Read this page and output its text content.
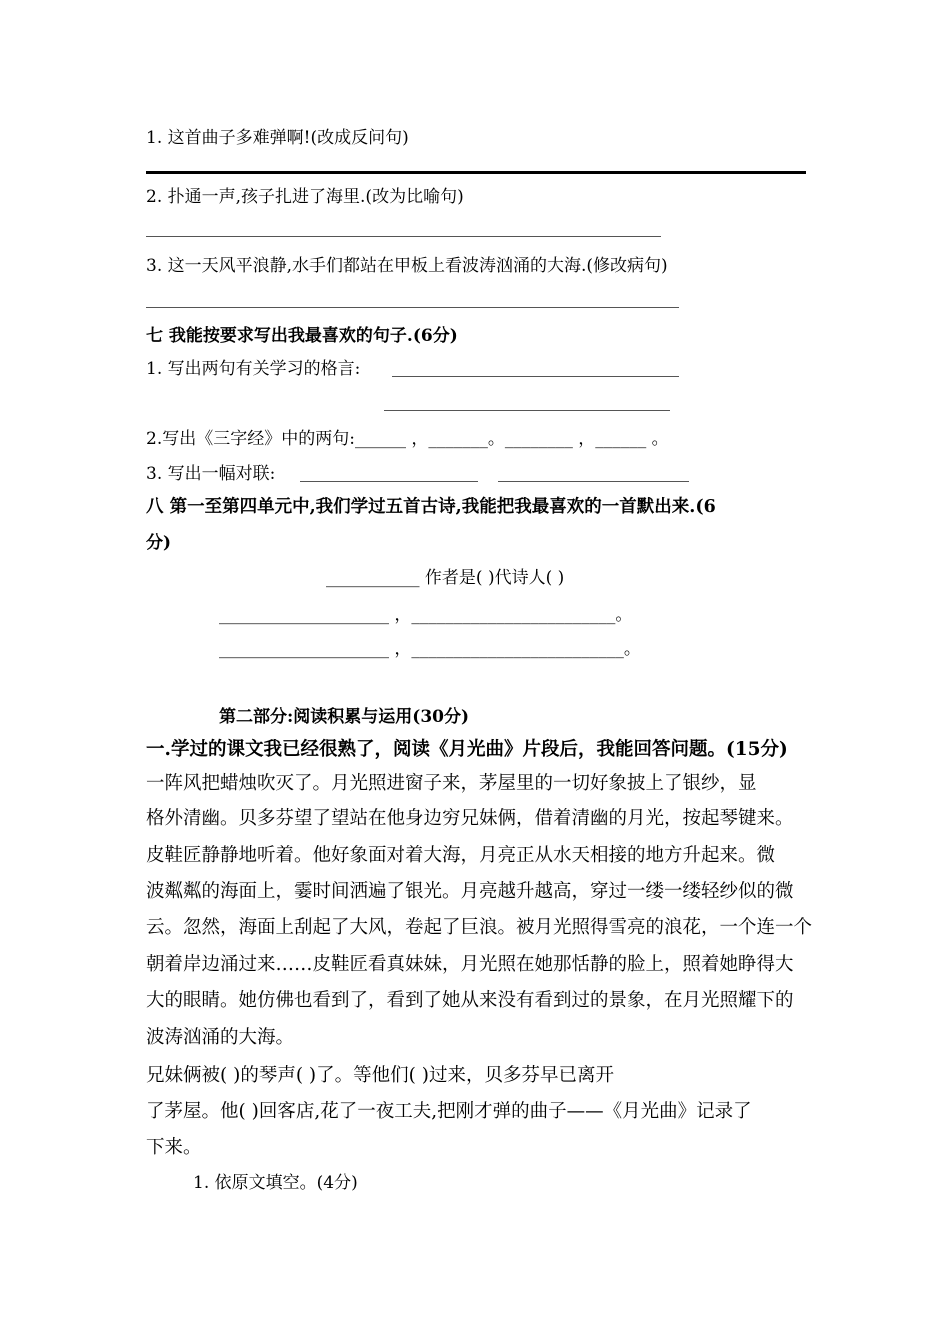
1. 这首曲子多难弹啊!(改成反问句)
2. 扑通一声,孩子扎进了海里.(改为比喻句)
3. 这一天风平浪静,水手们都站在甲板上看波涛汹涌的大海.(修改病句)
七 我能按要求写出我最喜欢的句子.(6分)
1. 写出两句有关学习的格言:
2.写出《三字经》中的两句:______ ，_______。________ ，______ 。
3. 写出一幅对联:
八 第一至第四单元中,我们学过五首古诗,我能把我最喜欢的一首默出来.(6
分)
___________ 作者是( )代诗人( )
____________________ ，________________________。
____________________ ，_________________________。
第二部分:阅读积累与运用(30分)
一.学过的课文我已经很熟了，阅读《月光曲》片段后，我能回答问题。(15分)
一阵风把蜡烛吹灭了。月光照进窗子来，茅屋里的一切好象披上了银纱，显
格外清幽。贝多芬望了望站在他身边穷兄妹俩，借着清幽的月光，按起琴键来。
皮鞋匠静静地听着。他好象面对着大海，月亮正从水天相接的地方升起来。微
波粼粼的海面上，霎时间洒遍了银光。月亮越升越高，穿过一缕一缕轻纱似的微
云。忽然，海面上刮起了大风，卷起了巨浪。被月光照得雪亮的浪花，一个连一个
朝着岸边涌过来……皮鞋匠看真妹妹，月光照在她那恬静的脸上，照着她睁得大
大的眼睛。她仿佛也看到了，看到了她从来没有看到过的景象，在月光照耀下的
波涛汹涌的大海。
兄妹俩被( )的琴声( )了。等他们( )过来，贝多芬早已离开
了茅屋。他( )回客店,花了一夜工夫,把刚才弹的曲子——《月光曲》记录了
下来。
1. 依原文填空。(4分)
